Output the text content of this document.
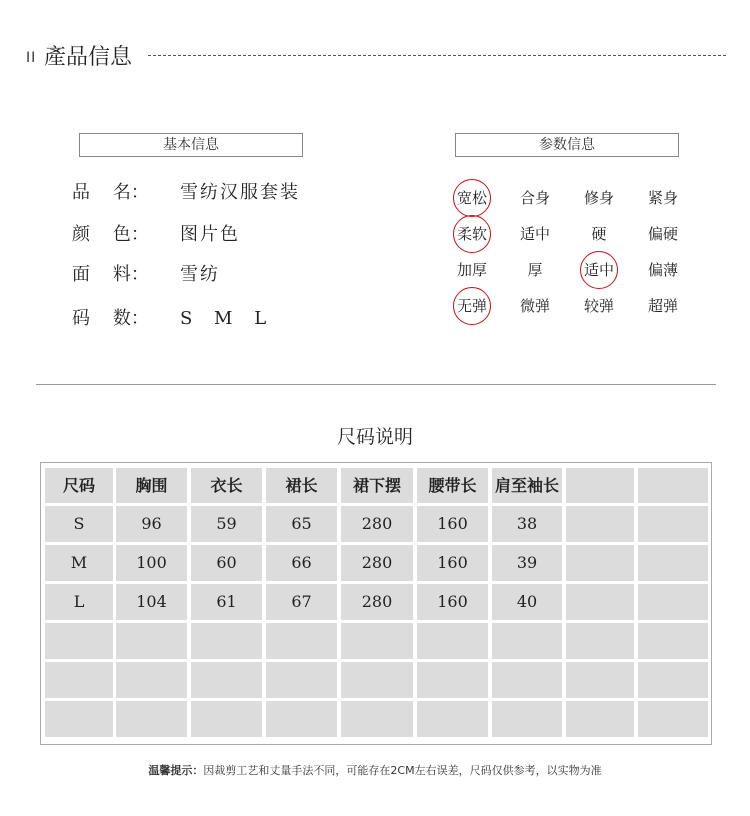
II 產品信息
基本信息	参数信息
品    名：	雪纺汉服套装
颜    色：	图片色
面    料：	雪纺
码    数：	S M L
宽松	合身	修身	紧身
柔软	适中	硬	偏硬
加厚	厚	适中	偏薄
无弹	微弹	较弹	超弹
尺码说明
尺码	胸围	衣长	裙长	裙下摆	腰带长	肩至袖长
S	96	59	65	280	160	38
M	100	60	66	280	160	39
L	104	61	67	280	160	40
温馨提示：因裁剪工艺和丈量手法不同，可能存在2CM左右误差，尺码仅供参考，以实物为准
